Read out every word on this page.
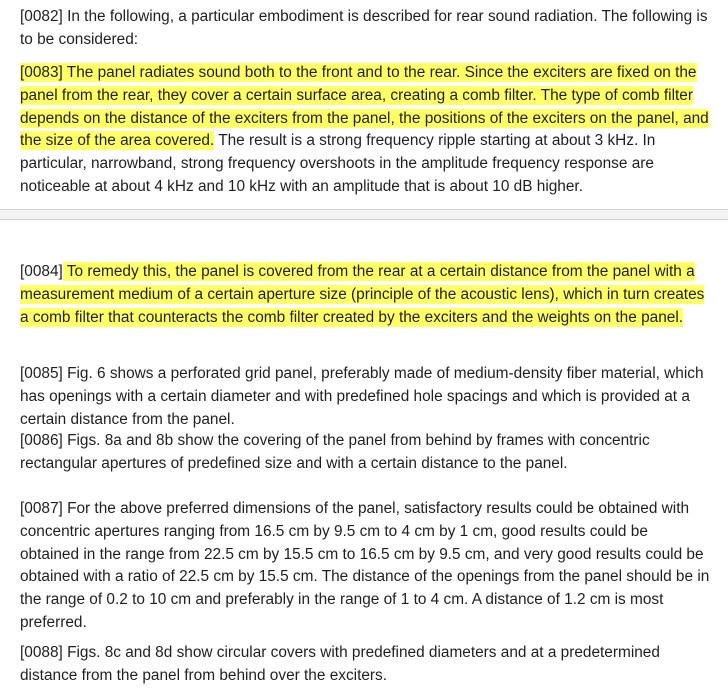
[0082] In the following, a particular embodiment is described for rear sound radiation. The following is to be considered:

[0083] The panel radiates sound both to the front and to the rear. Since the exciters are fixed on the panel from the rear, they cover a certain surface area, creating a comb filter. The type of comb filter depends on the distance of the exciters from the panel, the positions of the exciters on the panel, and the size of the area covered. The result is a strong frequency ripple starting at about 3 kHz. In particular, narrowband, strong frequency overshoots in the amplitude frequency response are noticeable at about 4 kHz and 10 kHz with an amplitude that is about 10 dB higher.

[0084] To remedy this, the panel is covered from the rear at a certain distance from the panel with a measurement medium of a certain aperture size (principle of the acoustic lens), which in turn creates a comb filter that counteracts the comb filter created by the exciters and the weights on the panel.

[0085] Fig. 6 shows a perforated grid panel, preferably made of medium-density fiber material, which has openings with a certain diameter and with predefined hole spacings and which is provided at a certain distance from the panel.

[0086] Figs. 8a and 8b show the covering of the panel from behind by frames with concentric rectangular apertures of predefined size and with a certain distance to the panel.

[0087] For the above preferred dimensions of the panel, satisfactory results could be obtained with concentric apertures ranging from 16.5 cm by 9.5 cm to 4 cm by 1 cm, good results could be obtained in the range from 22.5 cm by 15.5 cm to 16.5 cm by 9.5 cm, and very good results could be obtained with a ratio of 22.5 cm by 15.5 cm. The distance of the openings from the panel should be in the range of 0.2 to 10 cm and preferably in the range of 1 to 4 cm. A distance of 1.2 cm is most preferred.

[0088] Figs. 8c and 8d show circular covers with predefined diameters and at a predetermined distance from the panel from behind over the exciters.
